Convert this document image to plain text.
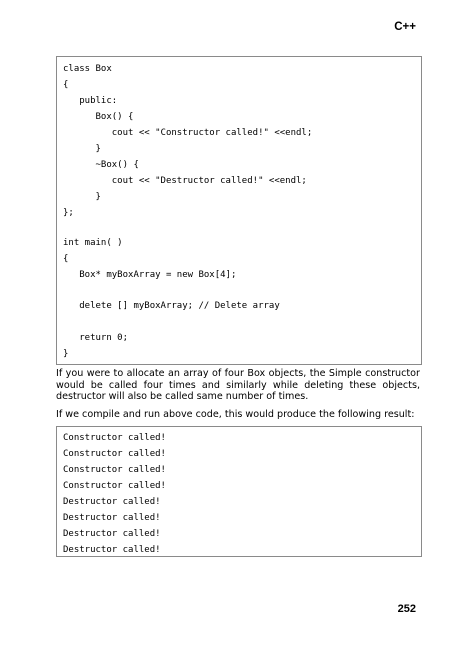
C++
class Box
{
public:
Box() {
cout << "Constructor called!" <<endl;
}
~Box() {
cout << "Destructor called!" <<endl;
}
};
int main( )
{
Box* myBoxArray = new Box[4];
delete [] myBoxArray; // Delete array
return 0;
}

If you were to allocate an array of four Box objects, the Simple constructor would be called four times and similarly while deleting these objects, destructor will also be called same number of times.

If we compile and run above code, this would produce the following result:

Constructor called!
Constructor called!
Constructor called!
Constructor called!
Destructor called!
Destructor called!
Destructor called!
Destructor called!
252
